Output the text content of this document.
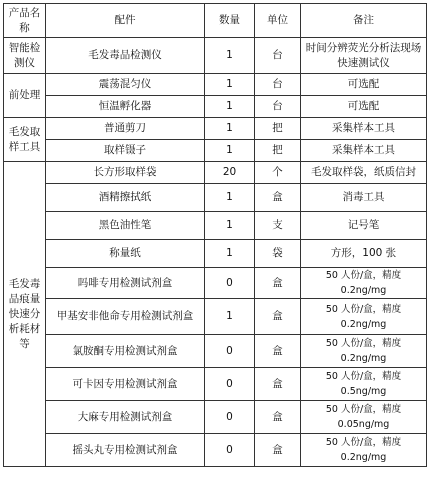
产品名称	配件	数量	单位	备注
智能检测仪	毛发毒品检测仪	1	台	时间分辨荧光分析法现场快速测试仪
前处理	震荡混匀仪	1	台	可选配
	恒温孵化器	1	台	可选配
毛发取样工具	普通剪刀	1	把	采集样本工具
	取样镊子	1	把	采集样本工具
毛发毒品痕量快速分析耗材等	长方形取样袋	20	个	毛发取样袋，纸质信封
	酒精擦拭纸	1	盒	消毒工具
	黑色油性笔	1	支	记号笔
	称量纸	1	袋	方形，100 张
	吗啡专用检测试剂盒	0	盒	50 人份/盒，精度 0.2ng/mg
	甲基安非他命专用检测试剂盒	1	盒	50 人份/盒，精度 0.2ng/mg
	氯胺酮专用检测试剂盒	0	盒	50 人份/盒，精度 0.2ng/mg
	可卡因专用检测试剂盒	0	盒	50 人份/盒，精度 0.5ng/mg
	大麻专用检测试剂盒	0	盒	50 人份/盒，精度 0.05ng/mg
	摇头丸专用检测试剂盒	0	盒	50 人份/盒，精度 0.2ng/mg
